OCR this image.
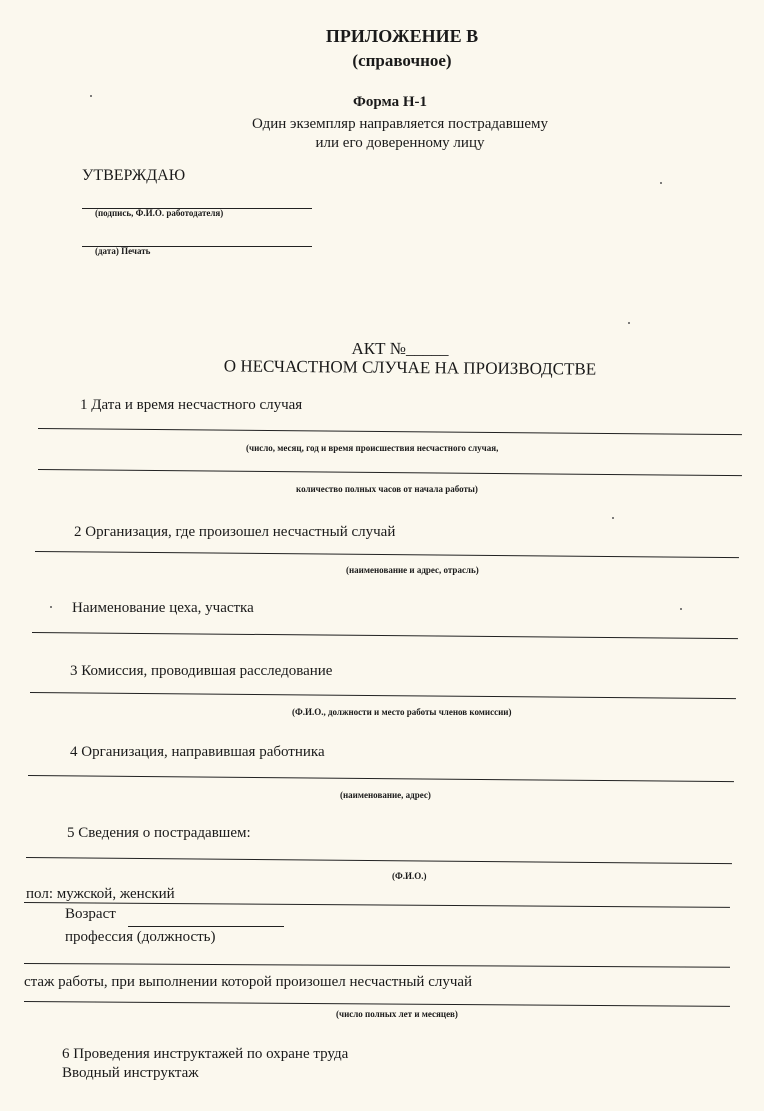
ПРИЛОЖЕНИЕ В
(справочное)
Форма Н-1
Один экземпляр направляется пострадавшему
или его доверенному лицу
УТВЕРЖДАЮ
(подпись, Ф.И.О. работодателя)
(дата) Печать
АКТ №_____
О НЕСЧАСТНОМ СЛУЧАЕ НА ПРОИЗВОДСТВЕ
1 Дата и время несчастного случая
(число, месяц, год и время происшествия несчастного случая,
количество полных часов от начала работы)
2 Организация, где произошел несчастный случай
(наименование и адрес, отрасль)
Наименование цеха, участка
3 Комиссия, проводившая расследование
(Ф.И.О., должности и место работы членов комиссии)
4 Организация, направившая работника
(наименование, адрес)
5 Сведения о пострадавшем:
(Ф.И.О.)
пол: мужской, женский
Возраст
профессия (должность)
стаж работы, при выполнении которой произошел несчастный случай
(число полных лет и месяцев)
6 Проведения инструктажей по охране труда
Вводный инструктаж
